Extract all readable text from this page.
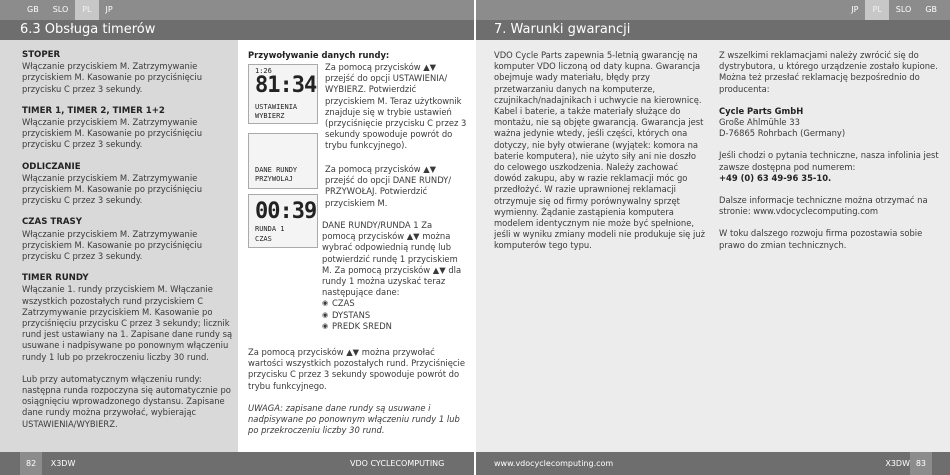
GB	SLO	PL	JP	JP	PL	SLO	GB
6.3 Obsługa timerów	7. Warunki gwarancji
STOPER
Włączanie przyciskiem M. Zatrzymywanie przyciskiem M. Kasowanie po przyciśnięciu przycisku C przez 3 sekundy.
TIMER 1, TIMER 2, TIMER 1+2
Włączanie przyciskiem M. Zatrzymywanie przyciskiem M. Kasowanie po przyciśnięciu przycisku C przez 3 sekundy.
ODLICZANIE
Włączanie przyciskiem M. Zatrzymywanie przyciskiem M. Kasowanie po przyciśnięciu przycisku C przez 3 sekundy.
CZAS TRASY
Włączanie przyciskiem M. Zatrzymywanie przyciskiem M. Kasowanie po przyciśnięciu przycisku C przez 3 sekundy.
TIMER RUNDY
Włączanie 1. rundy przyciskiem M. Włączanie wszystkich pozostałych rund przyciskiem C Zatrzymywanie przyciskiem M. Kasowanie po przyciśnięciu przycisku C przez 3 sekundy; licznik rund jest ustawiany na 1. Zapisane dane rundy są usuwane i nadpisywane po ponownym włączeniu rundy 1 lub po przekroczeniu liczby 30 rund.
Lub przy automatycznym włączeniu rundy: następna runda rozpoczyna się automatycznie po osiągnięciu wprowadzonego dystansu. Zapisane dane rundy można przywołać, wybierając USTAWIENIA/WYBIERZ.
Przywoływanie danych rundy:
1:26
81:34
USTAWIENIA
WYBIERZ
Za pomocą przycisków ▲▼ przejść do opcji USTAWIENIA/ WYBIERZ. Potwierdzić przyciskiem M. Teraz użytkownik znajduje się w trybie ustawień (przyciśnięcie przycisku C przez 3 sekundy spowoduje powrót do trybu funkcyjnego).
DANE RUNDY
PRZYWOLAJ
Za pomocą przycisków ▲▼ przejść do opcji DANE RUNDY/ PRZYWOŁAJ. Potwierdzić przyciskiem M.
00:39
RUNDA 1
CZAS
DANE RUNDY/RUNDA 1 Za pomocą przycisków ▲▼ można wybrać odpowiednią rundę lub potwierdzić rundę 1 przyciskiem M. Za pomocą przycisków ▲▼ dla rundy 1 można uzyskać teraz następujące dane:
◉ CZAS
◉ DYSTANS
◉ PREDK SREDN
Za pomocą przycisków ▲▼ można przywołać wartości wszystkich pozostałych rund. Przyciśnięcie przycisku C przez 3 sekundy spowoduje powrót do trybu funkcyjnego.
UWAGA: zapisane dane rundy są usuwane i nadpisywane po ponownym włączeniu rundy 1 lub po przekroczeniu liczby 30 rund.
VDO Cycle Parts zapewnia 5-letnią gwarancję na komputer VDO liczoną od daty kupna. Gwarancja obejmuje wady materiału, błędy przy przetwarzaniu danych na komputerze, czujnikach/nadajnikach i uchwycie na kierownicę. Kabel i baterie, a także materiały służące do montażu, nie są objęte gwarancją. Gwarancja jest ważna jedynie wtedy, jeśli części, których ona dotyczy, nie były otwierane (wyjątek: komora na baterie komputera), nie użyto siły ani nie doszło do celowego uszkodzenia. Należy zachować dowód zakupu, aby w razie reklamacji móc go przedłożyć. W razie uprawnionej reklamacji otrzymuje się od firmy porównywalny sprzęt wymienny. Żądanie zastąpienia komputera modelem identycznym nie może być spełnione, jeśli w wyniku zmiany modeli nie produkuje się już komputerów tego typu.
Z wszelkimi reklamacjami należy zwrócić się do dystrybutora, u którego urządzenie zostało kupione. Można też przesłać reklamację bezpośrednio do producenta:
Cycle Parts GmbH
Große Ahlmühle 33
D-76865 Rohrbach (Germany)
Jeśli chodzi o pytania techniczne, nasza infolinia jest zawsze dostępna pod numerem:
+49 (0) 63 49-96 35-10.
Dalsze informacje techniczne można otrzymać na stronie: www.vdocyclecomputing.com
W toku dalszego rozwoju firma pozostawia sobie prawo do zmian technicznych.
82 X3DW	VDO CYCLECOMPUTING	www.vdocyclecomputing.com	X3DW 83
